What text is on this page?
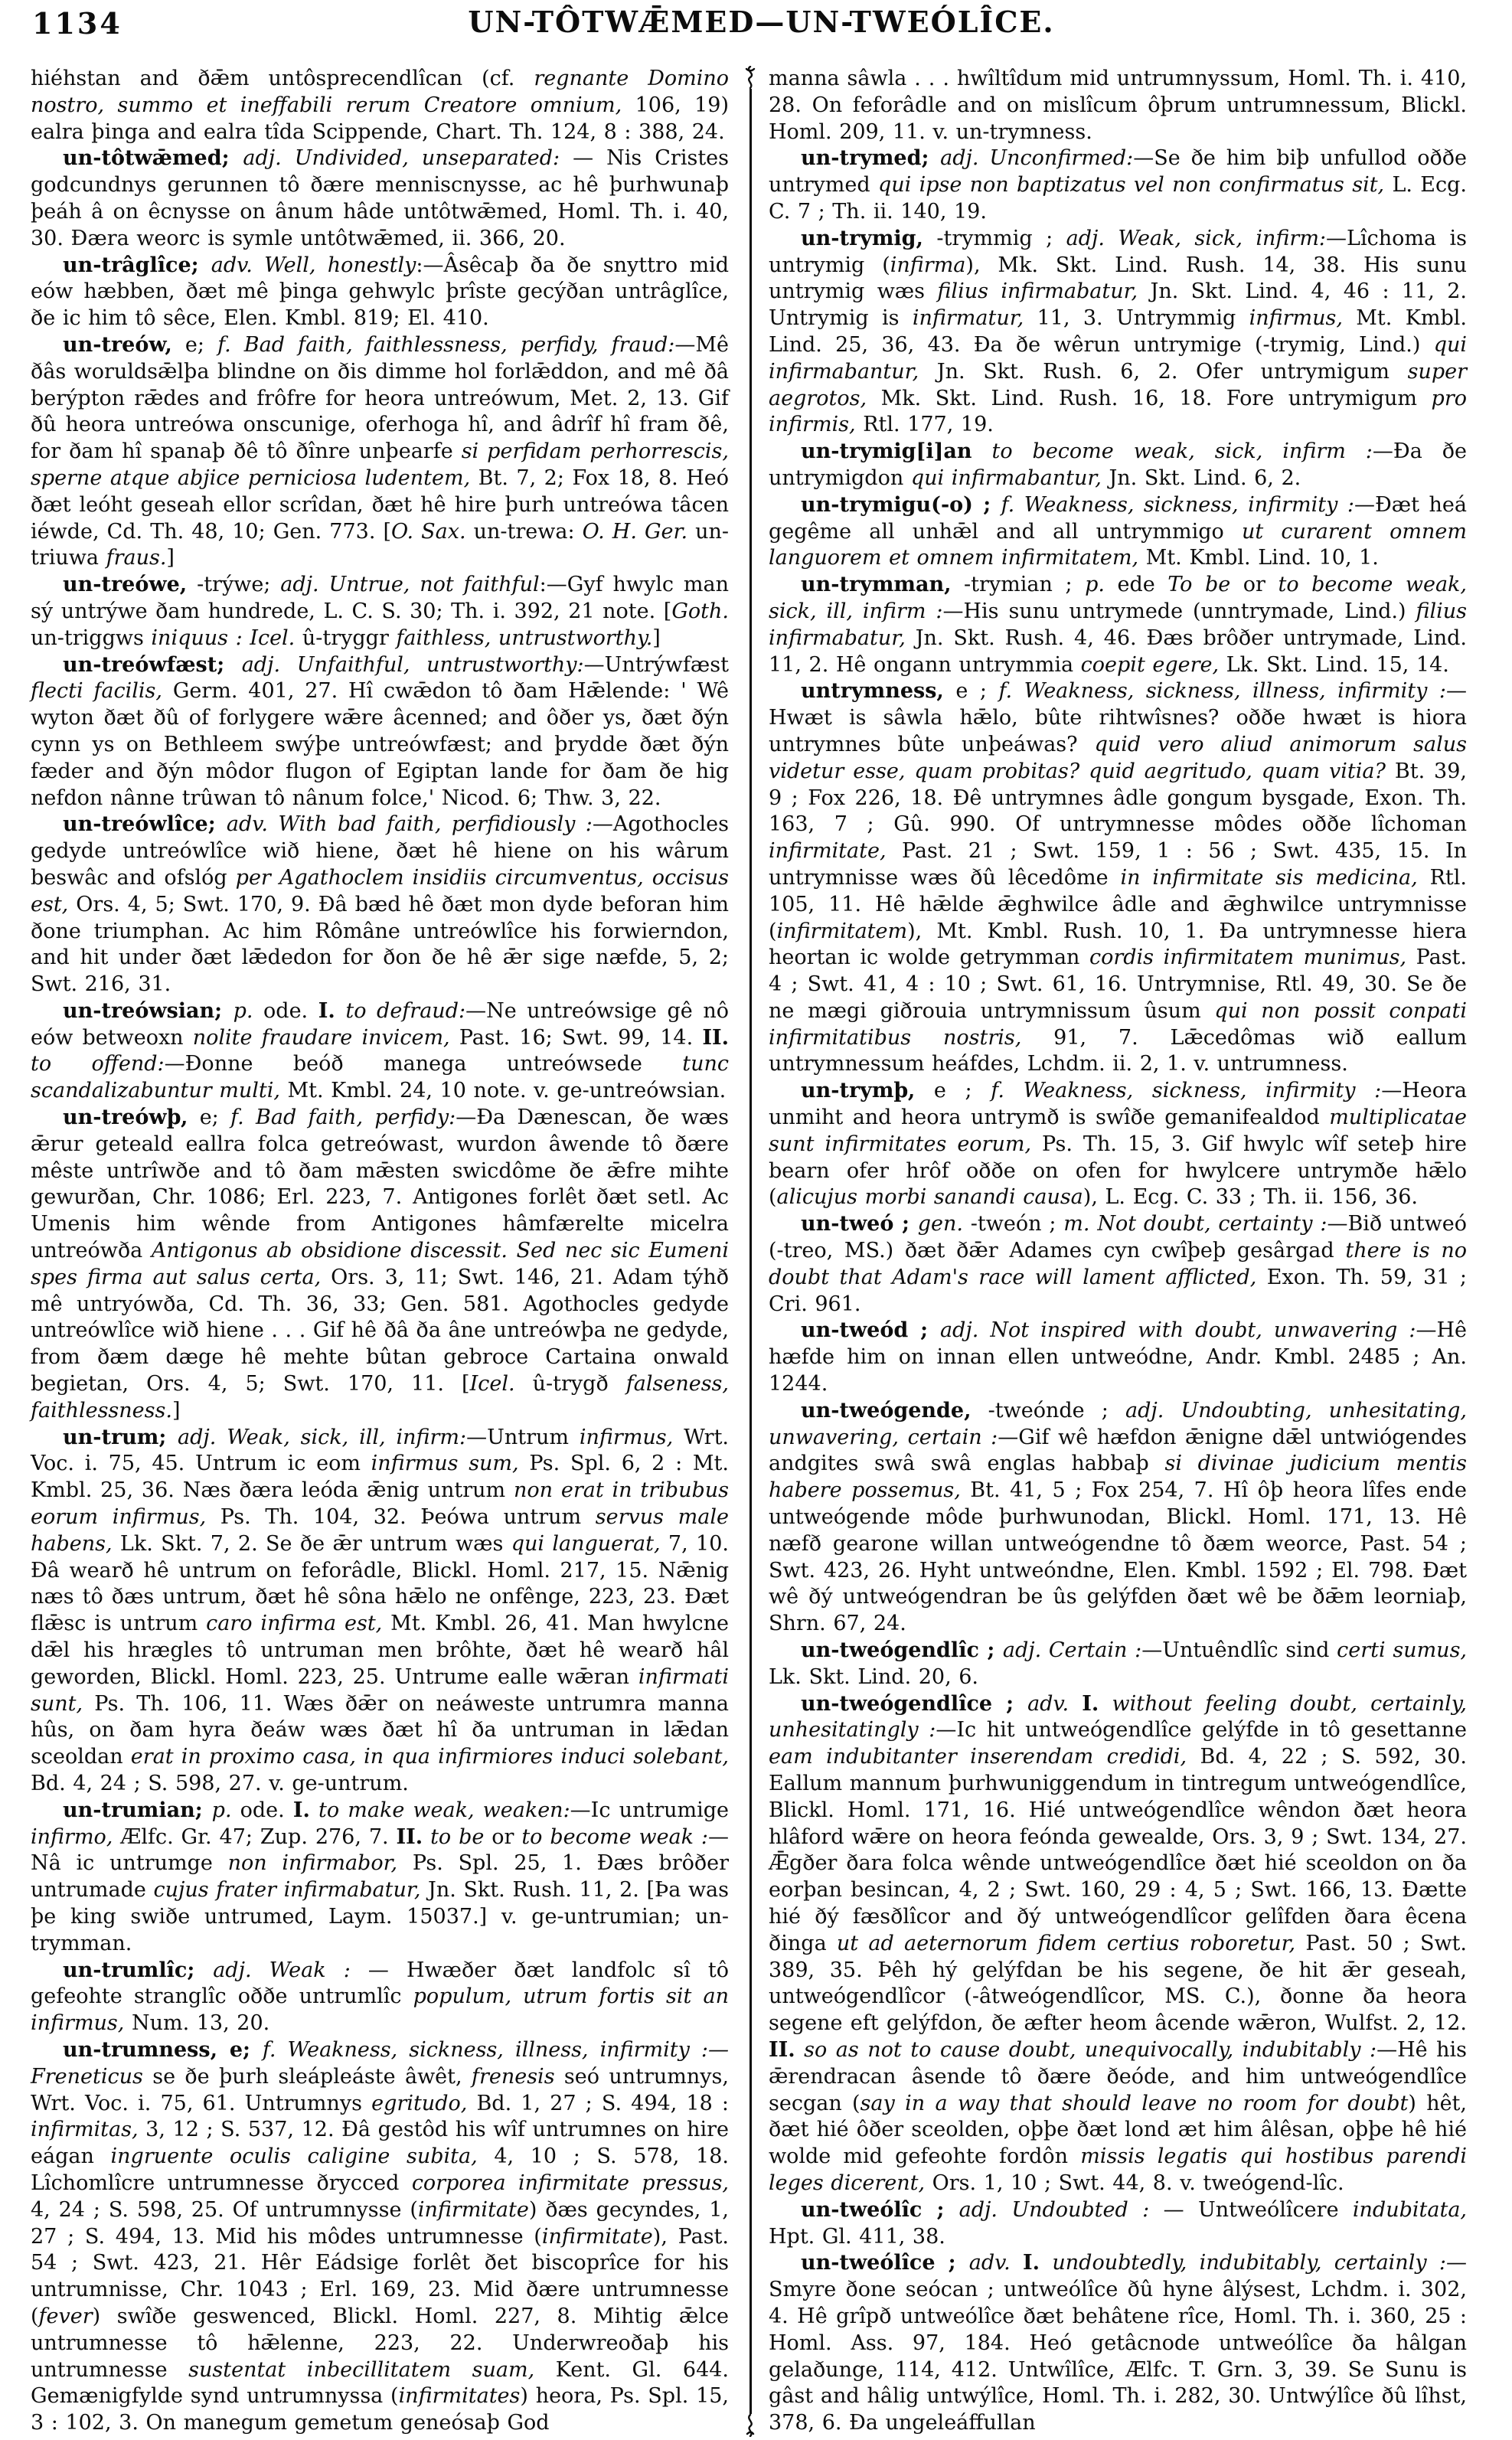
1134	UN-TÔTWǢMED—UN-TWEÓLÎCE.

hiéhstan and ðǣm untôsprecendlîcan (cf. regnante Domino nostro, summo et ineffabili rerum Creatore omnium, 106, 19) ealra þinga and ealra tîda Scippende, Chart. Th. 124, 8 : 388, 24.

un-tôtwǣmed; adj. Undivided, unseparated: — Nis Cristes godcundnys gerunnen tô ðære menniscnysse, ac hê þurhwunaþ þeáh â on êcnysse on ânum hâde untôtwǣmed, Homl. Th. i. 40, 30. Ðæra weorc is symle untôtwǣmed, ii. 366, 20.

un-trâglîce; adv. Well, honestly:—Âsêcaþ ða ðe snyttro mid eów hæbben, ðæt mê þinga gehwylc þrîste gecýðan untrâglîce, ðe ic him tô sêce, Elen. Kmbl. 819; El. 410.

un-treów, e; f. Bad faith, faithlessness, perfidy, fraud:—Mê ðâs woruldsǣlþa blindne on ðis dimme hol forlǣddon, and mê ðâ berýpton rǣdes and frôfre for heora untreówum, Met. 2, 13. Gif ðû heora untreówa onscunige, oferhoga hî, and âdrîf hî fram ðê, for ðam hî spanaþ ðê tô ðînre unþearfe si perfidam perhorrescis, sperne atque abjice perniciosa ludentem, Bt. 7, 2; Fox 18, 8. Heó ðæt leóht geseah ellor scrîdan, ðæt hê hire þurh untreówa tâcen iéwde, Cd. Th. 48, 10; Gen. 773. [O. Sax. un-trewa: O. H. Ger. un-triuwa fraus.]

un-treówe, -trýwe; adj. Untrue, not faithful:—Gyf hwylc man sý untrýwe ðam hundrede, L. C. S. 30; Th. i. 392, 21 note. [Goth. un-triggws iniquus : Icel. û-tryggr faithless, untrustworthy.]

un-treówfæst; adj. Unfaithful, untrustworthy:—Untrýwfæst flecti facilis, Germ. 401, 27. Hî cwǣdon tô ðam Hǣlende: ' Wê wyton ðæt ðû of forlygere wǣre âcenned; and ôðer ys, ðæt ðýn cynn ys on Bethleem swýþe untreówfæst; and þrydde ðæt ðýn fæder and ðýn môdor flugon of Egiptan lande for ðam ðe hig nefdon nânne trûwan tô nânum folce,' Nicod. 6; Thw. 3, 22.

un-treówlîce; adv. With bad faith, perfidiously :—Agothocles gedyde untreówlîce wið hiene, ðæt hê hiene on his wârum beswâc and ofslóg per Agathoclem insidiis circumventus, occisus est, Ors. 4, 5; Swt. 170, 9. Ðâ bæd hê ðæt mon dyde beforan him ðone triumphan. Ac him Rômâne untreówlîce his forwierndon, and hit under ðæt lǣdedon for ðon ðe hê ǣr sige næfde, 5, 2; Swt. 216, 31.

un-treówsian; p. ode. I. to defraud:—Ne untreówsige gê nô eów betweoxn nolite fraudare invicem, Past. 16; Swt. 99, 14. II. to offend:—Ðonne beóð manega untreówsede tunc scandalizabuntur multi, Mt. Kmbl. 24, 10 note. v. ge-untreówsian.

un-treówþ, e; f. Bad faith, perfidy:—Ða Dænescan, ðe wæs ǣrur geteald eallra folca getreówast, wurdon âwende tô ðære mêste untrîwðe and tô ðam mǣsten swicdôme ðe ǣfre mihte gewurðan, Chr. 1086; Erl. 223, 7. Antigones forlêt ðæt setl. Ac Umenis him wênde from Antigones hâmfærelte micelra untreówða Antigonus ab obsidione discessit. Sed nec sic Eumeni spes firma aut salus certa, Ors. 3, 11; Swt. 146, 21. Adam týhð mê untryówða, Cd. Th. 36, 33; Gen. 581. Agothocles gedyde untreówlîce wið hiene . . . Gif hê ðâ ða âne untreówþa ne gedyde, from ðæm dæge hê mehte bûtan gebroce Cartaina onwald begietan, Ors. 4, 5; Swt. 170, 11. [Icel. û-trygð falseness, faithlessness.]

un-trum; adj. Weak, sick, ill, infirm:—Untrum infirmus, Wrt. Voc. i. 75, 45. Untrum ic eom infirmus sum, Ps. Spl. 6, 2 : Mt. Kmbl. 25, 36. Næs ðæra leóda ǣnig untrum non erat in tribubus eorum infirmus, Ps. Th. 104, 32. Þeówa untrum servus male habens, Lk. Skt. 7, 2. Se ðe ǣr untrum wæs qui languerat, 7, 10. Ðâ wearð hê untrum on feforâdle, Blickl. Homl. 217, 15. Nǣnig næs tô ðæs untrum, ðæt hê sôna hǣlo ne onfênge, 223, 23. Ðæt flǣsc is untrum caro infirma est, Mt. Kmbl. 26, 41. Man hwylcne dǣl his hrægles tô untruman men brôhte, ðæt hê wearð hâl geworden, Blickl. Homl. 223, 25. Untrume ealle wǣran infirmati sunt, Ps. Th. 106, 11. Wæs ðǣr on neáweste untrumra manna hûs, on ðam hyra ðeáw wæs ðæt hî ða untruman in lǣdan sceoldan erat in proximo casa, in qua infirmiores induci solebant, Bd. 4, 24 ; S. 598, 27. v. ge-untrum.

un-trumian; p. ode. I. to make weak, weaken:—Ic untrumige infirmo, Ælfc. Gr. 47; Zup. 276, 7. II. to be or to become weak :—Nâ ic untrumge non infirmabor, Ps. Spl. 25, 1. Ðæs brôðer untrumade cujus frater infirmabatur, Jn. Skt. Rush. 11, 2. [Þa was þe king swiðe untrumed, Laym. 15037.] v. ge-untrumian; un-trymman.

un-trumlîc; adj. Weak : — Hwæðer ðæt landfolc sî tô gefeohte stranglîc oððe untrumlîc populum, utrum fortis sit an infirmus, Num. 13, 20.

un-trumness, e; f. Weakness, sickness, illness, infirmity :—Freneticus se ðe þurh sleápleáste âwêt, frenesis seó untrumnys, Wrt. Voc. i. 75, 61. Untrumnys egritudo, Bd. 1, 27 ; S. 494, 18 : infirmitas, 3, 12 ; S. 537, 12. Ðâ gestôd his wîf untrumnes on hire eágan ingruente oculis caligine subita, 4, 10 ; S. 578, 18. Lîchomlîcre untrumnesse ðrycced corporea infirmitate pressus, 4, 24 ; S. 598, 25. Of untrumnysse (infirmitate) ðæs gecyndes, 1, 27 ; S. 494, 13. Mid his môdes untrumnesse (infirmitate), Past. 54 ; Swt. 423, 21. Hêr Eádsige forlêt ðet biscoprîce for his untrumnisse, Chr. 1043 ; Erl. 169, 23. Mid ðære untrumnesse (fever) swîðe geswenced, Blickl. Homl. 227, 8. Mihtig ǣlce untrumnesse tô hǣlenne, 223, 22. Underwreoðaþ his untrumnesse sustentat inbecillitatem suam, Kent. Gl. 644. Gemænigfylde synd untrumnyssa (infirmitates) heora, Ps. Spl. 15, 3 : 102, 3. On manegum gemetum geneósaþ God

manna sâwla . . . hwîltîdum mid untrumnyssum, Homl. Th. i. 410, 28. On feforâdle and on mislîcum ôþrum untrumnessum, Blickl. Homl. 209, 11. v. un-trymness.

un-trymed; adj. Unconfirmed:—Se ðe him biþ unfullod oððe untrymed qui ipse non baptizatus vel non confirmatus sit, L. Ecg. C. 7 ; Th. ii. 140, 19.

un-trymig, -trymmig ; adj. Weak, sick, infirm:—Lîchoma is untrymig (infirma), Mk. Skt. Lind. Rush. 14, 38. His sunu untrymig wæs filius infirmabatur, Jn. Skt. Lind. 4, 46 : 11, 2. Untrymig is infirmatur, 11, 3. Untrymmig infirmus, Mt. Kmbl. Lind. 25, 36, 43. Ða ðe wêrun untrymige (-trymig, Lind.) qui infirmabantur, Jn. Skt. Rush. 6, 2. Ofer untrymigum super aegrotos, Mk. Skt. Lind. Rush. 16, 18. Fore untrymigum pro infirmis, Rtl. 177, 19.

un-trymig[i]an to become weak, sick, infirm :—Ða ðe untrymigdon qui infirmabantur, Jn. Skt. Lind. 6, 2.

un-trymigu(-o) ; f. Weakness, sickness, infirmity :—Ðæt heá gegême all unhǣl and all untrymmigo ut curarent omnem languorem et omnem infirmitatem, Mt. Kmbl. Lind. 10, 1.

un-trymman, -trymian ; p. ede To be or to become weak, sick, ill, infirm :—His sunu untrymede (unntrymade, Lind.) filius infirmabatur, Jn. Skt. Rush. 4, 46. Ðæs brôðer untrymade, Lind. 11, 2. Hê ongann untrymmia coepit egere, Lk. Skt. Lind. 15, 14.

untrymness, e ; f. Weakness, sickness, illness, infirmity :—Hwæt is sâwla hǣlo, bûte rihtwîsnes? oððe hwæt is hiora untrymnes bûte unþeáwas? quid vero aliud animorum salus videtur esse, quam probitas? quid aegritudo, quam vitia? Bt. 39, 9 ; Fox 226, 18. Ðê untrymnes âdle gongum bysgade, Exon. Th. 163, 7 ; Gû. 990. Of untrymnesse môdes oððe lîchoman infirmitate, Past. 21 ; Swt. 159, 1 : 56 ; Swt. 435, 15. In untrymnisse wæs ðû lêcedôme in infirmitate sis medicina, Rtl. 105, 11. Hê hǣlde ǣghwilce âdle and ǣghwilce untrymnisse (infirmitatem), Mt. Kmbl. Rush. 10, 1. Ða untrymnesse hiera heortan ic wolde getrymman cordis infirmitatem munimus, Past. 4 ; Swt. 41, 4 : 10 ; Swt. 61, 16. Untrymnise, Rtl. 49, 30. Se ðe ne mægi giðrouia untrymnissum ûsum qui non possit conpati infirmitatibus nostris, 91, 7. Lǣcedômas wið eallum untrymnessum heáfdes, Lchdm. ii. 2, 1. v. untrumness.

un-trymþ, e ; f. Weakness, sickness, infirmity :—Heora unmiht and heora untrymð is swîðe gemanifealdod multiplicatae sunt infirmitates eorum, Ps. Th. 15, 3. Gif hwylc wîf seteþ hire bearn ofer hrôf oððe on ofen for hwylcere untrymðe hǣlo (alicujus morbi sanandi causa), L. Ecg. C. 33 ; Th. ii. 156, 36.

un-tweó ; gen. -tweón ; m. Not doubt, certainty :—Bið untweó (-treo, MS.) ðæt ðǣr Adames cyn cwîþeþ gesârgad there is no doubt that Adam's race will lament afflicted, Exon. Th. 59, 31 ; Cri. 961.

un-tweód ; adj. Not inspired with doubt, unwavering :—Hê hæfde him on innan ellen untweódne, Andr. Kmbl. 2485 ; An. 1244.

un-tweógende, -tweónde ; adj. Undoubting, unhesitating, unwavering, certain :—Gif wê hæfdon ǣnigne dǣl untwiógendes andgites swâ swâ englas habbaþ si divinae judicium mentis habere possemus, Bt. 41, 5 ; Fox 254, 7. Hî ôþ heora lîfes ende untweógende môde þurhwunodan, Blickl. Homl. 171, 13. Hê næfð gearone willan untweógendne tô ðæm weorce, Past. 54 ; Swt. 423, 26. Hyht untweóndne, Elen. Kmbl. 1592 ; El. 798. Ðæt wê ðý untweógendran be ûs gelýfden ðæt wê be ðǣm leorniaþ, Shrn. 67, 24.

un-tweógendlîc ; adj. Certain :—Untuêndlîc sind certi sumus, Lk. Skt. Lind. 20, 6.

un-tweógendlîce ; adv. I. without feeling doubt, certainly, unhesitatingly :—Ic hit untweógendlîce gelýfde in tô gesettanne eam indubitanter inserendam credidi, Bd. 4, 22 ; S. 592, 30. Eallum mannum þurhwuniggendum in tintregum untweógendlîce, Blickl. Homl. 171, 16. Hié untweógendlîce wêndon ðæt heora hlâford wǣre on heora feónda gewealde, Ors. 3, 9 ; Swt. 134, 27. Ǣgðer ðara folca wênde untweógendlîce ðæt hié sceoldon on ða eorþan besincan, 4, 2 ; Swt. 160, 29 : 4, 5 ; Swt. 166, 13. Ðætte hié ðý fæsðlîcor and ðý untweógendlîcor gelîfden ðara êcena ðinga ut ad aeternorum fidem certius roboretur, Past. 50 ; Swt. 389, 35. Þêh hý gelýfdan be his segene, ðe hit ǣr geseah, untweógendlîcor (-âtweógendlîcor, MS. C.), ðonne ða heora segene eft gelýfdon, ðe æfter heom âcende wǣron, Wulfst. 2, 12. II. so as not to cause doubt, unequivocally, indubitably :—Hê his ǣrendracan âsende tô ðære ðeóde, and him untweógendlîce secgan (say in a way that should leave no room for doubt) hêt, ðæt hié ôðer sceolden, oþþe ðæt lond æt him âlêsan, oþþe hê hié wolde mid gefeohte fordôn missis legatis qui hostibus parendi leges dicerent, Ors. 1, 10 ; Swt. 44, 8. v. tweógend-lîc.

un-tweólîc ; adj. Undoubted : — Untweólîcere indubitata, Hpt. Gl. 411, 38.

un-tweólîce ; adv. I. undoubtedly, indubitably, certainly :—Smyre ðone seócan ; untweólîce ðû hyne âlýsest, Lchdm. i. 302, 4. Hê grîpð untweólîce ðæt behâtene rîce, Homl. Th. i. 360, 25 : Homl. Ass. 97, 184. Heó getâcnode untweólîce ða hâlgan gelaðunge, 114, 412. Untwîlîce, Ælfc. T. Grn. 3, 39. Se Sunu is gâst and hâlig untwýlîce, Homl. Th. i. 282, 30. Untwýlîce ðû lîhst, 378, 6. Ða ungeleáffullan
